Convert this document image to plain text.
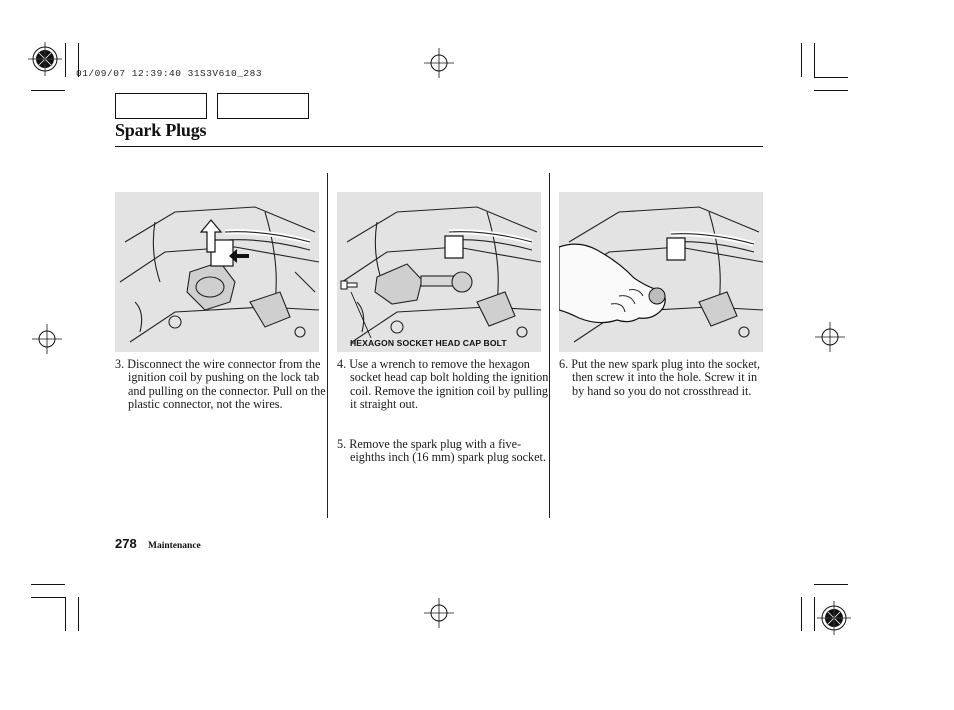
01/09/07 12:39:40 31S3V610_283
Spark Plugs
3. Disconnect the wire connector from the ignition coil by pushing on the lock tab and pulling on the connector. Pull on the plastic connector, not the wires.
HEXAGON SOCKET HEAD CAP BOLT
4. Use a wrench to remove the hexagon socket head cap bolt holding the ignition coil. Remove the ignition coil by pulling it straight out.
5. Remove the spark plug with a five-eighths inch (16 mm) spark plug socket.
6. Put the new spark plug into the socket, then screw it into the hole. Screw it in by hand so you do not crossthread it.
278 Maintenance
